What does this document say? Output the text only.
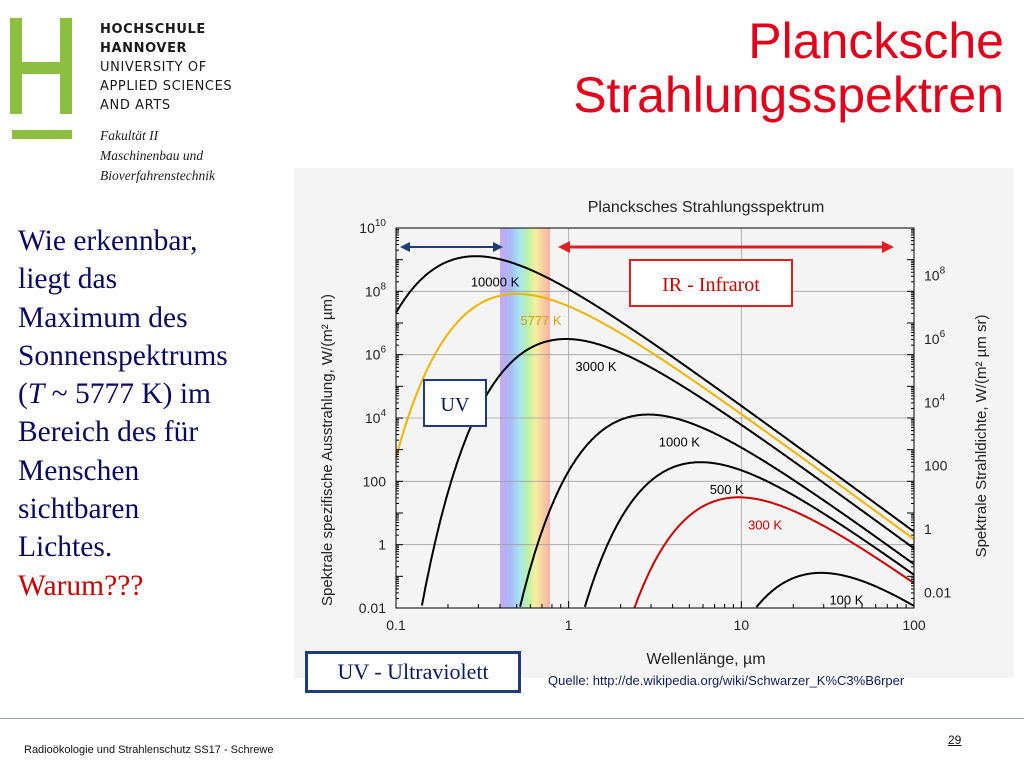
HOCHSCHULE
HANNOVER
UNIVERSITY OF
APPLIED SCIENCES
AND ARTS
Fakultät II
Maschinenbau und
Bioverfahrenstechnik
Plancksche
Strahlungsspektren
Wie erkennbar,
liegt das
Maximum des
Sonnenspektrums
(T ~ 5777 K) im
Bereich des für
Menschen
sichtbaren
Lichtes.
Warum???
10000 K
5777 K
3000 K
1000 K
500 K
300 K
100 K
0.1	1	10	100
0.01
1
100
$10^4$
$10^6$
$10^8$
$10^{10}$
0.01
1
100
$10^4$
$10^6$
$10^8$
Plancksches Strahlungsspektrum
Wellenlänge, µm
Spektrale spezifische Ausstrahlung, W/(m² µm)	Spektrale Strahldichte, W/(m² µm sr)
UV
IR - Infrarot
UV - Ultraviolett	Quelle: http://de.wikipedia.org/wiki/Schwarzer_K%C3%B6rper
Radioökologie und Strahlenschutz SS17 - Schrewe
29
